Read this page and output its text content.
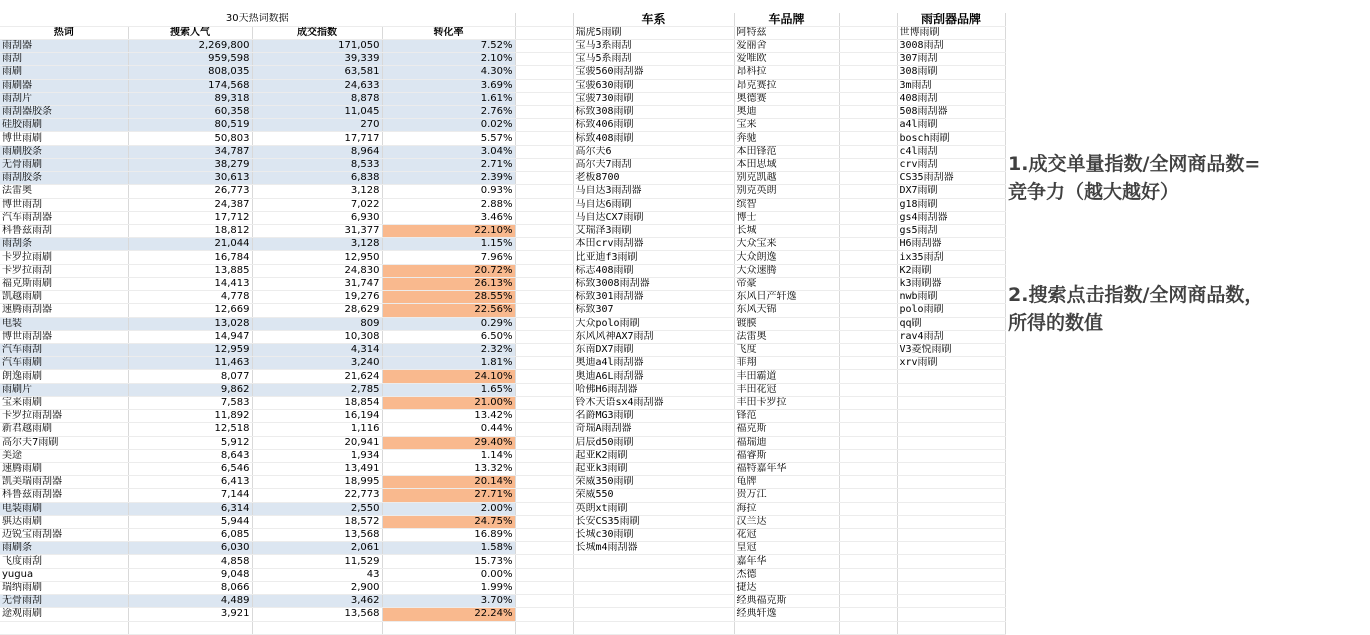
30天热词数据					车系	车品牌		雨刮器品牌
热词	搜索人气	成交指数	转化率		瑞虎5雨刷	阿特兹		世博雨刷
雨刮器	2,269,800	171,050	7.52%		宝马3系雨刮	爱丽舍		3008雨刮
雨刮	959,598	39,339	2.10%		宝马5系雨刮	爱唯欧		307雨刮
雨刷	808,035	63,581	4.30%		宝骏560雨刮器	昂科拉		308雨刷
雨刷器	174,568	24,633	3.69%		宝骏630雨刷	昂克赛拉		3m雨刮
雨刮片	89,318	8,878	1.61%		宝骏730雨刷	奥德赛		408雨刮
雨刮器胶条	60,358	11,045	2.76%		标致308雨刷	奥迪		508雨刮器
硅胶雨刷	80,519	270	0.02%		标致406雨刷	宝来		a4l雨刷
博世雨刷	50,803	17,717	5.57%		标致408雨刷	奔驰		bosch雨刷
雨刷胶条	34,787	8,964	3.04%		高尔夫6	本田锋范		c4l雨刮
无骨雨刷	38,279	8,533	2.71%		高尔夫7雨刮	本田思域		crv雨刮
雨刮胶条	30,613	6,838	2.39%		老板8700	别克凯越		CS35雨刮器
法雷奥	26,773	3,128	0.93%		马自达3雨刮器	别克英朗		DX7雨刷
博世雨刮	24,387	7,022	2.88%		马自达6雨刷	缤智		g18雨刷
汽车雨刮器	17,712	6,930	3.46%		马自达CX7雨刷	博士		gs4雨刮器
科鲁兹雨刮	18,812	31,377	22.10%		艾瑞泽3雨刷	长城		gs5雨刮
雨刮条	21,044	3,128	1.15%		本田crv雨刮器	大众宝来		H6雨刮器
卡罗拉雨刷	16,784	12,950	7.96%		比亚迪f3雨刷	大众朗逸		ix35雨刮
卡罗拉雨刮	13,885	24,830	20.72%		标志408雨刷	大众速腾		K2雨刷
福克斯雨刷	14,413	31,747	26.13%		标致3008雨刮器	帝豪		k3雨刷器
凯越雨刷	4,778	19,276	28.55%		标致301雨刮器	东风日产轩逸		nwb雨刷
速腾雨刮器	12,669	28,629	22.56%		标致307	东风天锦		polo雨刷
电装	13,028	809	0.29%		大众polo雨刷	镀膜		qq刷
博世雨刮器	14,947	10,308	6.50%		东风风神AX7雨刮	法雷奥		rav4雨刮
汽车雨刮	12,959	4,314	2.32%		东南DX7雨刷	飞度		V3菱悦雨刷
汽车雨刷	11,463	3,240	1.81%		奥迪a4l雨刮器	菲翔		xrv雨刷
朗逸雨刷	8,077	21,624	24.10%		奥迪A6L雨刮器	丰田霸道		
雨刷片	9,862	2,785	1.65%		哈佛H6雨刮器	丰田花冠		
宝来雨刷	7,583	18,854	21.00%		铃木天语sx4雨刮器	丰田卡罗拉		
卡罗拉雨刮器	11,892	16,194	13.42%		名爵MG3雨刷	锋范		
新君越雨刷	12,518	1,116	0.44%		奇瑞A雨刮器	福克斯		
高尔夫7雨刷	5,912	20,941	29.40%		启辰d50雨刷	福瑞迪		
美途	8,643	1,934	1.14%		起亚K2雨刷	福睿斯		
速腾雨刷	6,546	13,491	13.32%		起亚k3雨刷	福特嘉年华		
凯美瑞雨刮器	6,413	18,995	20.14%		荣威350雨刷	龟牌		
科鲁兹雨刮器	7,144	22,773	27.71%		荣威550	贵万江		
电装雨刷	6,314	2,550	2.00%		英朗xt雨刷	海拉		
骐达雨刷	5,944	18,572	24.75%		长安CS35雨刷	汉兰达		
迈锐宝雨刮器	6,085	13,568	16.89%		长城c30雨刷	花冠		
雨刷条	6,030	2,061	1.58%		长城m4雨刮器	皇冠		
飞度雨刮	4,858	11,529	15.73%			嘉年华		
yugua	9,048	43	0.00%			杰德		
瑞纳雨刷	8,066	2,900	1.99%			捷达		
无骨雨刮	4,489	3,462	3.70%			经典福克斯		
途观雨刷	3,921	13,568	22.24%			经典轩逸		

1.成交单量指数/全网商品数=
竞争力（越大越好）
2.搜索点击指数/全网商品数，
所得的数值
